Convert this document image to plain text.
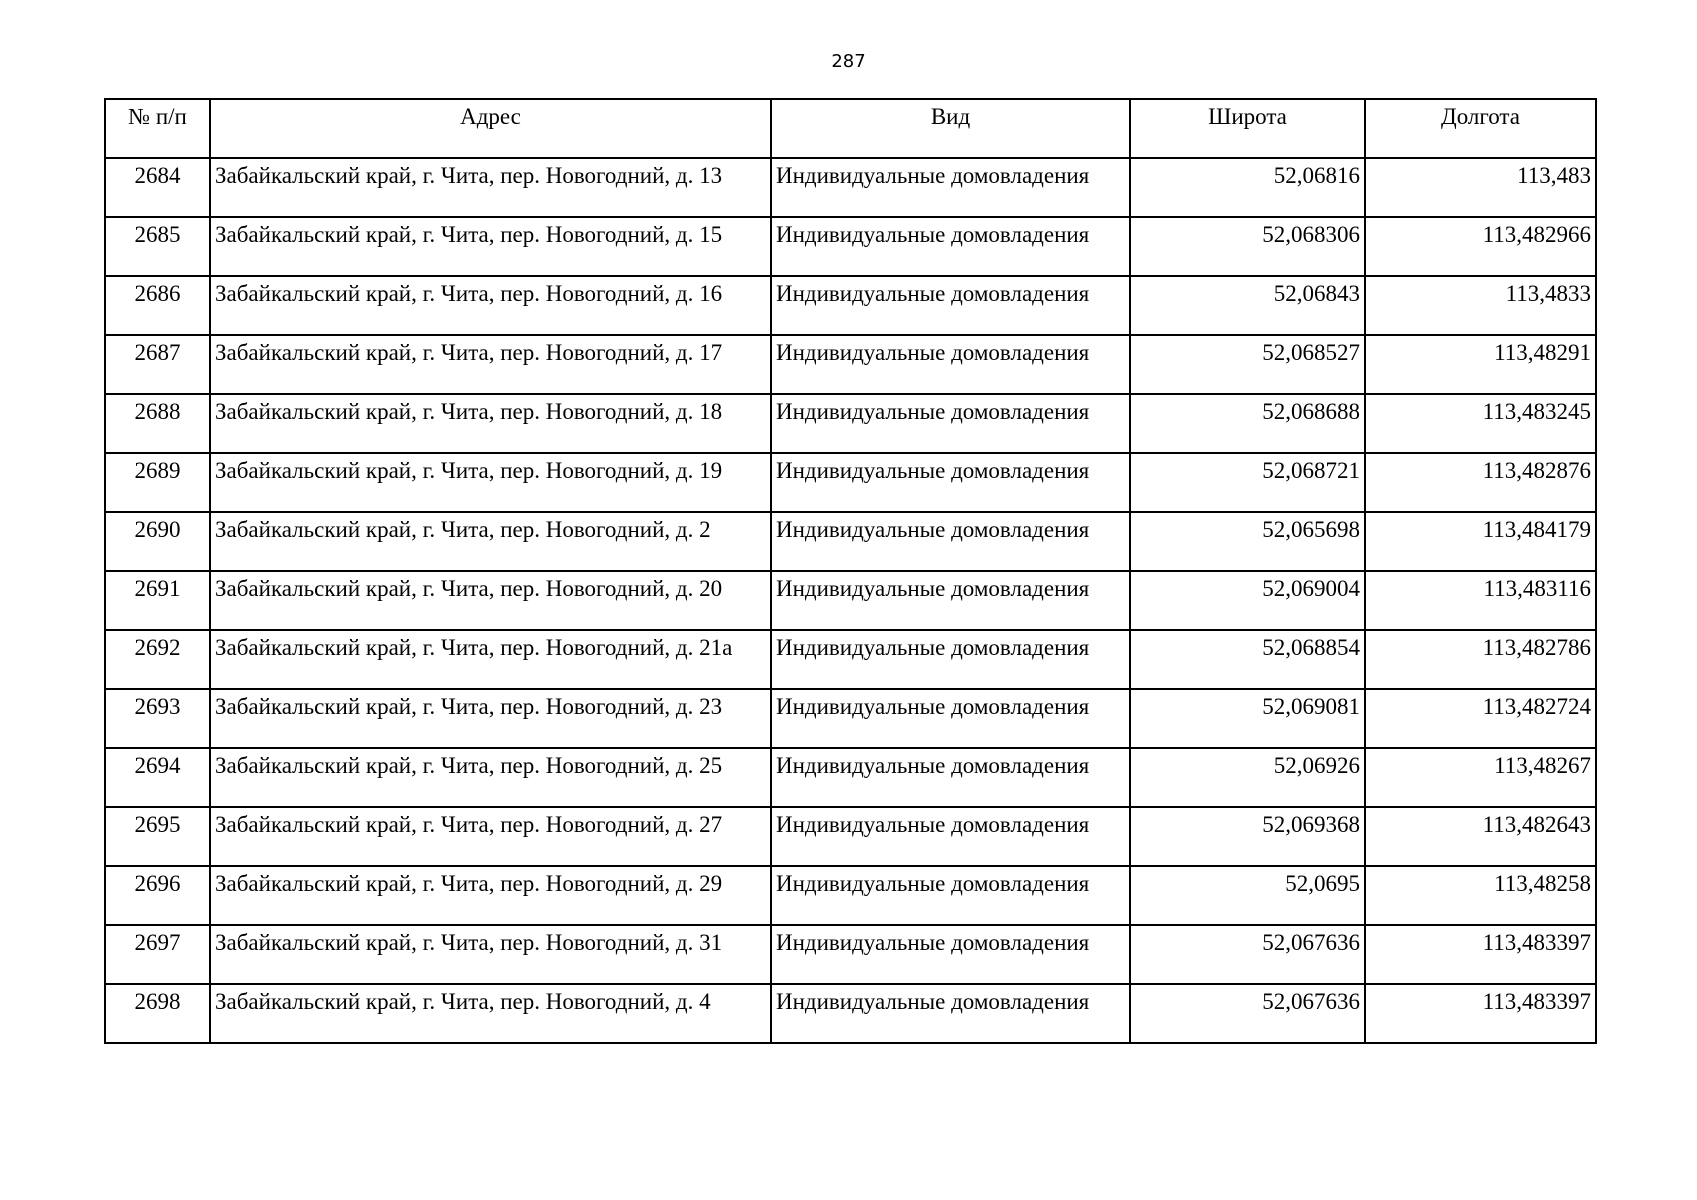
287
№ п/п	Адрес	Вид	Широта	Долгота
2684	Забайкальский край, г. Чита, пер. Новогодний, д. 13	Индивидуальные домовладения	52,06816	113,483
2685	Забайкальский край, г. Чита, пер. Новогодний, д. 15	Индивидуальные домовладения	52,068306	113,482966
2686	Забайкальский край, г. Чита, пер. Новогодний, д. 16	Индивидуальные домовладения	52,06843	113,4833
2687	Забайкальский край, г. Чита, пер. Новогодний, д. 17	Индивидуальные домовладения	52,068527	113,48291
2688	Забайкальский край, г. Чита, пер. Новогодний, д. 18	Индивидуальные домовладения	52,068688	113,483245
2689	Забайкальский край, г. Чита, пер. Новогодний, д. 19	Индивидуальные домовладения	52,068721	113,482876
2690	Забайкальский край, г. Чита, пер. Новогодний, д. 2	Индивидуальные домовладения	52,065698	113,484179
2691	Забайкальский край, г. Чита, пер. Новогодний, д. 20	Индивидуальные домовладения	52,069004	113,483116
2692	Забайкальский край, г. Чита, пер. Новогодний, д. 21а	Индивидуальные домовладения	52,068854	113,482786
2693	Забайкальский край, г. Чита, пер. Новогодний, д. 23	Индивидуальные домовладения	52,069081	113,482724
2694	Забайкальский край, г. Чита, пер. Новогодний, д. 25	Индивидуальные домовладения	52,06926	113,48267
2695	Забайкальский край, г. Чита, пер. Новогодний, д. 27	Индивидуальные домовладения	52,069368	113,482643
2696	Забайкальский край, г. Чита, пер. Новогодний, д. 29	Индивидуальные домовладения	52,0695	113,48258
2697	Забайкальский край, г. Чита, пер. Новогодний, д. 31	Индивидуальные домовладения	52,067636	113,483397
2698	Забайкальский край, г. Чита, пер. Новогодний, д. 4	Индивидуальные домовладения	52,067636	113,483397
